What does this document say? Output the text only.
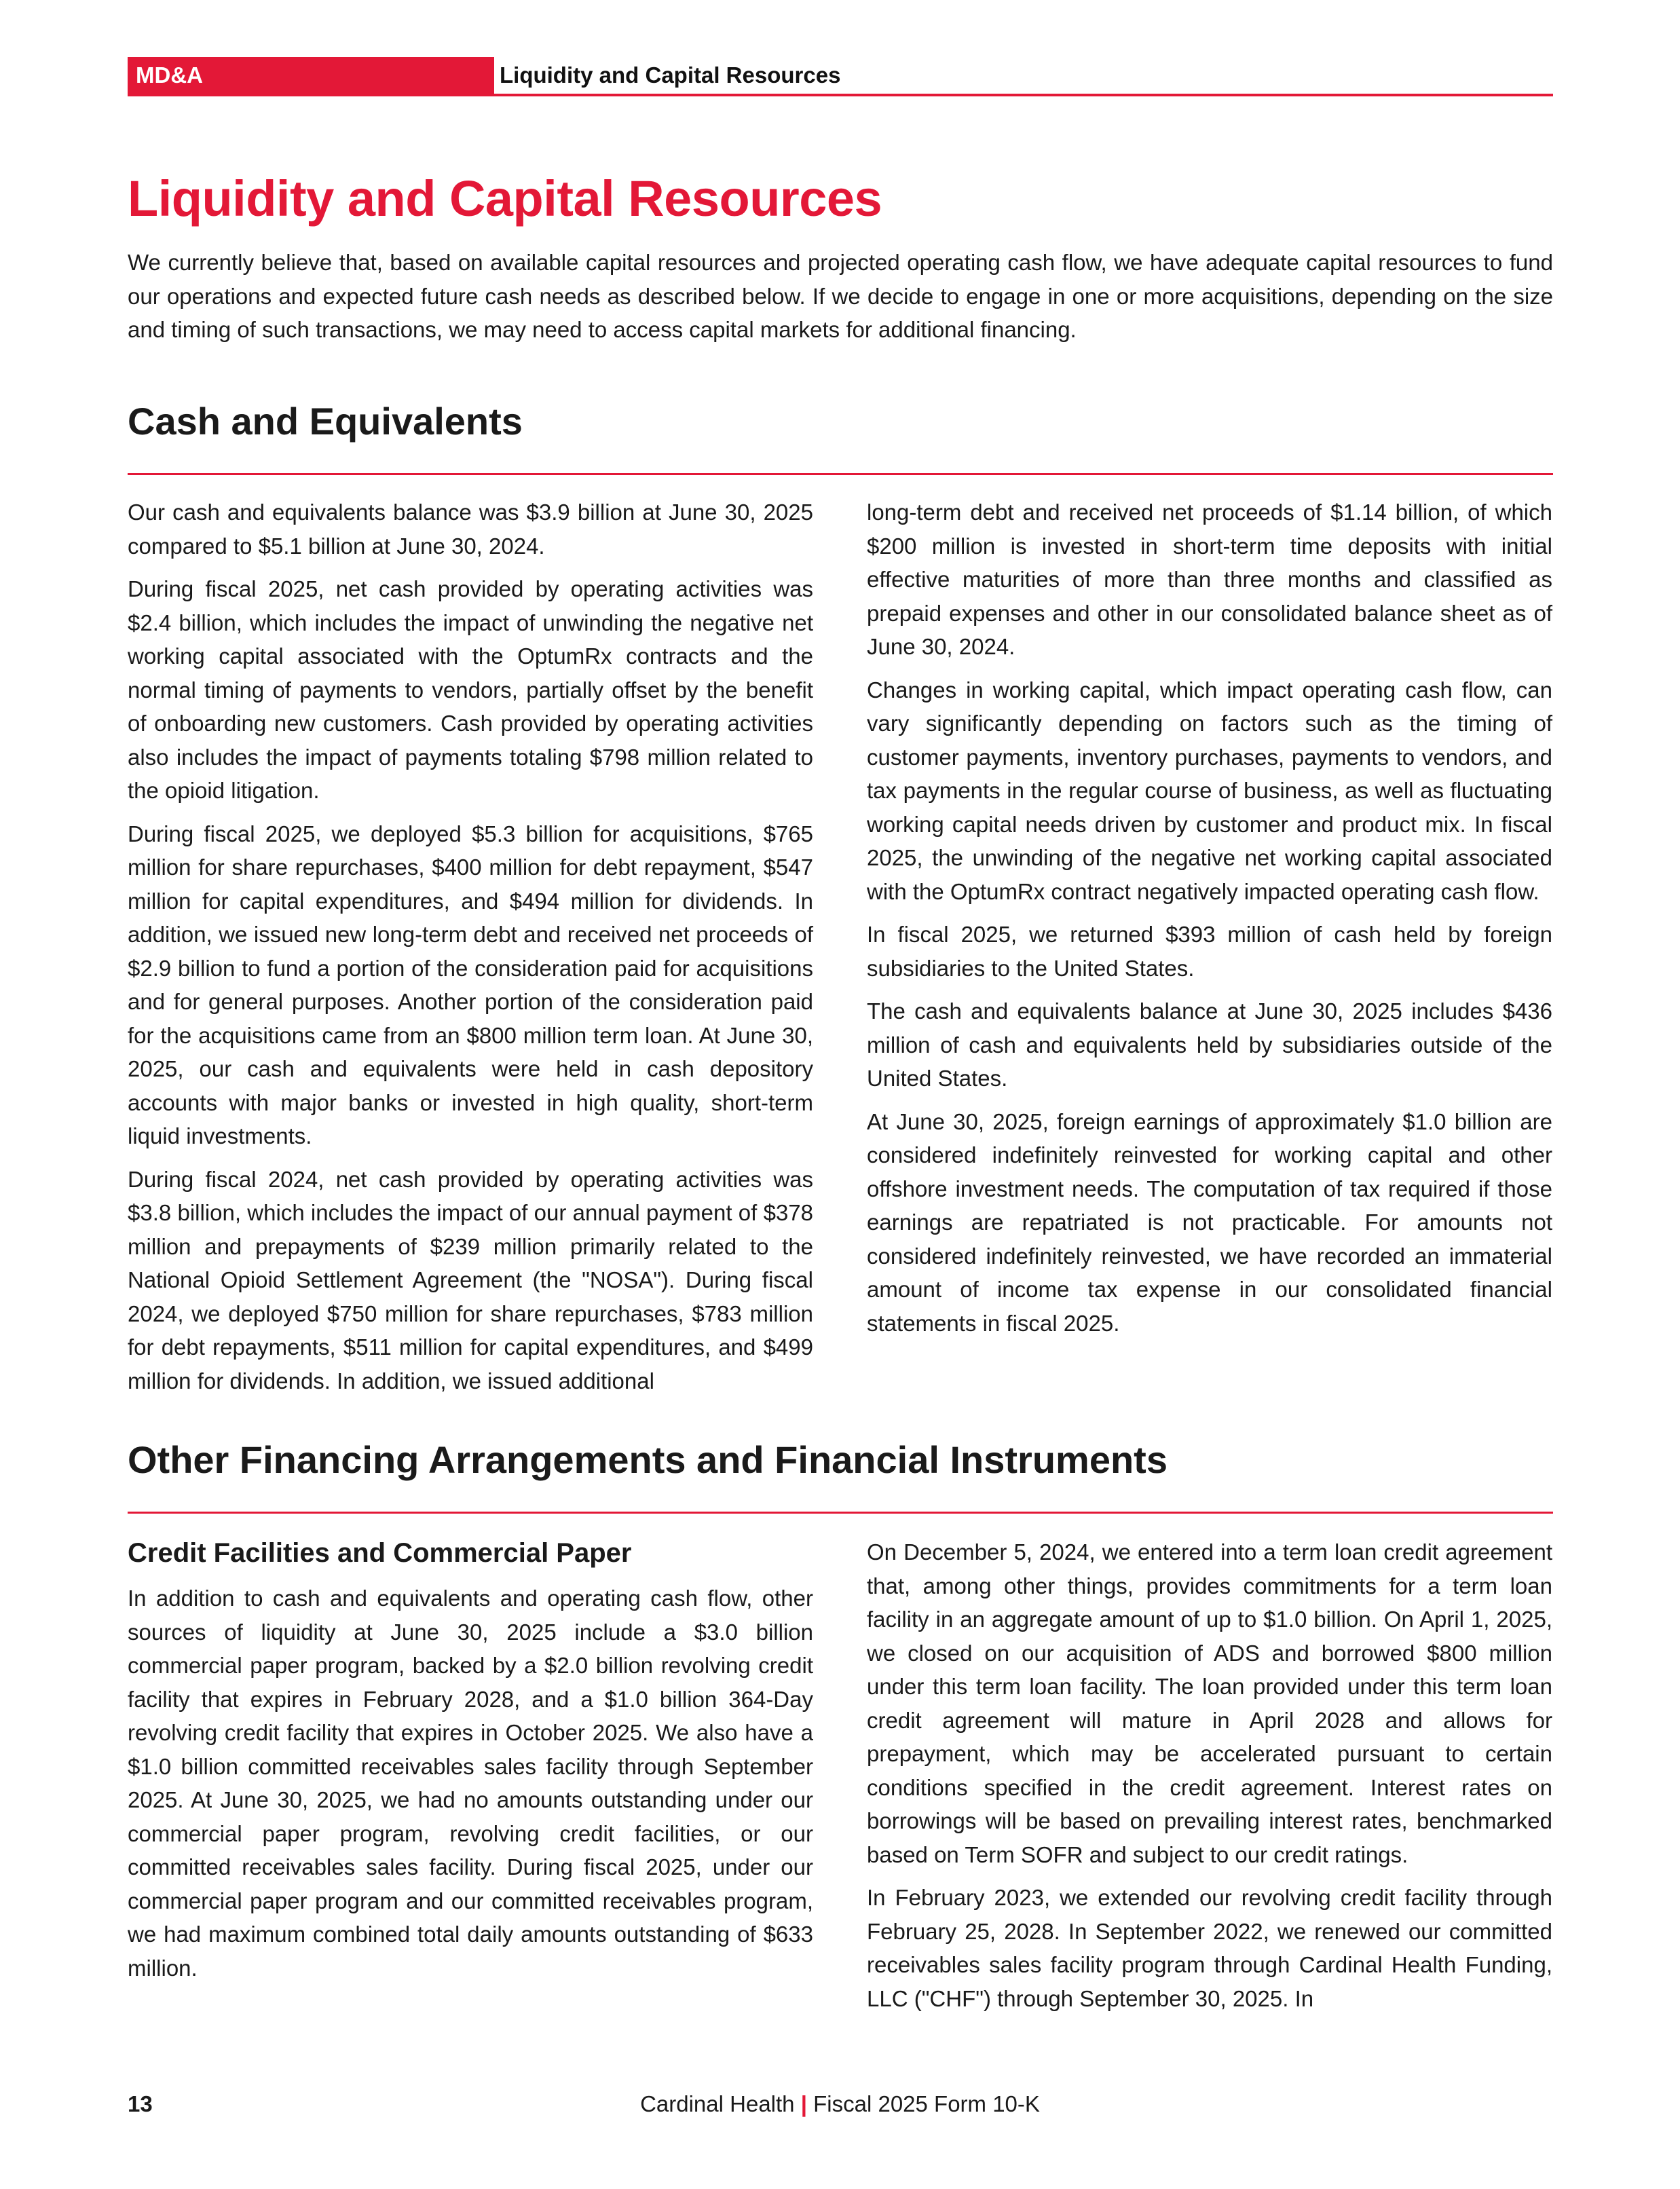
MD&A	Liquidity and Capital Resources
Liquidity and Capital Resources

We currently believe that, based on available capital resources and projected operating cash flow, we have adequate capital resources to fund our operations and expected future cash needs as described below. If we decide to engage in one or more acquisitions, depending on the size and timing of such transactions, we may need to access capital markets for additional financing.

Cash and Equivalents

Our cash and equivalents balance was $3.9 billion at June 30, 2025 compared to $5.1 billion at June 30, 2024.

During fiscal 2025, net cash provided by operating activities was $2.4 billion, which includes the impact of unwinding the negative net working capital associated with the OptumRx contracts and the normal timing of payments to vendors, partially offset by the benefit of onboarding new customers. Cash provided by operating activities also includes the impact of payments totaling $798 million related to the opioid litigation.

During fiscal 2025, we deployed $5.3 billion for acquisitions, $765 million for share repurchases, $400 million for debt repayment, $547 million for capital expenditures, and $494 million for dividends. In addition, we issued new long-term debt and received net proceeds of $2.9 billion to fund a portion of the consideration paid for acquisitions and for general purposes. Another portion of the consideration paid for the acquisitions came from an $800 million term loan. At June 30, 2025, our cash and equivalents were held in cash depository accounts with major banks or invested in high quality, short-term liquid investments.

During fiscal 2024, net cash provided by operating activities was $3.8 billion, which includes the impact of our annual payment of $378 million and prepayments of $239 million primarily related to the National Opioid Settlement Agreement (the "NOSA"). During fiscal 2024, we deployed $750 million for share repurchases, $783 million for debt repayments, $511 million for capital expenditures, and $499 million for dividends. In addition, we issued additional

long-term debt and received net proceeds of $1.14 billion, of which $200 million is invested in short-term time deposits with initial effective maturities of more than three months and classified as prepaid expenses and other in our consolidated balance sheet as of June 30, 2024.

Changes in working capital, which impact operating cash flow, can vary significantly depending on factors such as the timing of customer payments, inventory purchases, payments to vendors, and tax payments in the regular course of business, as well as fluctuating working capital needs driven by customer and product mix. In fiscal 2025, the unwinding of the negative net working capital associated with the OptumRx contract negatively impacted operating cash flow.

In fiscal 2025, we returned $393 million of cash held by foreign subsidiaries to the United States.

The cash and equivalents balance at June 30, 2025 includes $436 million of cash and equivalents held by subsidiaries outside of the United States.

At June 30, 2025, foreign earnings of approximately $1.0 billion are considered indefinitely reinvested for working capital and other offshore investment needs. The computation of tax required if those earnings are repatriated is not practicable. For amounts not considered indefinitely reinvested, we have recorded an immaterial amount of income tax expense in our consolidated financial statements in fiscal 2025.

Other Financing Arrangements and Financial Instruments
Credit Facilities and Commercial Paper

In addition to cash and equivalents and operating cash flow, other sources of liquidity at June 30, 2025 include a $3.0 billion commercial paper program, backed by a $2.0 billion revolving credit facility that expires in February 2028, and a $1.0 billion 364-Day revolving credit facility that expires in October 2025. We also have a $1.0 billion committed receivables sales facility through September 2025. At June 30, 2025, we had no amounts outstanding under our commercial paper program, revolving credit facilities, or our committed receivables sales facility. During fiscal 2025, under our commercial paper program and our committed receivables program, we had maximum combined total daily amounts outstanding of $633 million.

On December 5, 2024, we entered into a term loan credit agreement that, among other things, provides commitments for a term loan facility in an aggregate amount of up to $1.0 billion. On April 1, 2025, we closed on our acquisition of ADS and borrowed $800 million under this term loan facility. The loan provided under this term loan credit agreement will mature in April 2028 and allows for prepayment, which may be accelerated pursuant to certain conditions specified in the credit agreement. Interest rates on borrowings will be based on prevailing interest rates, benchmarked based on Term SOFR and subject to our credit ratings.

In February 2023, we extended our revolving credit facility through February 25, 2028. In September 2022, we renewed our committed receivables sales facility program through Cardinal Health Funding, LLC ("CHF") through September 30, 2025. In

13	Cardinal Health | Fiscal 2025 Form 10-K
